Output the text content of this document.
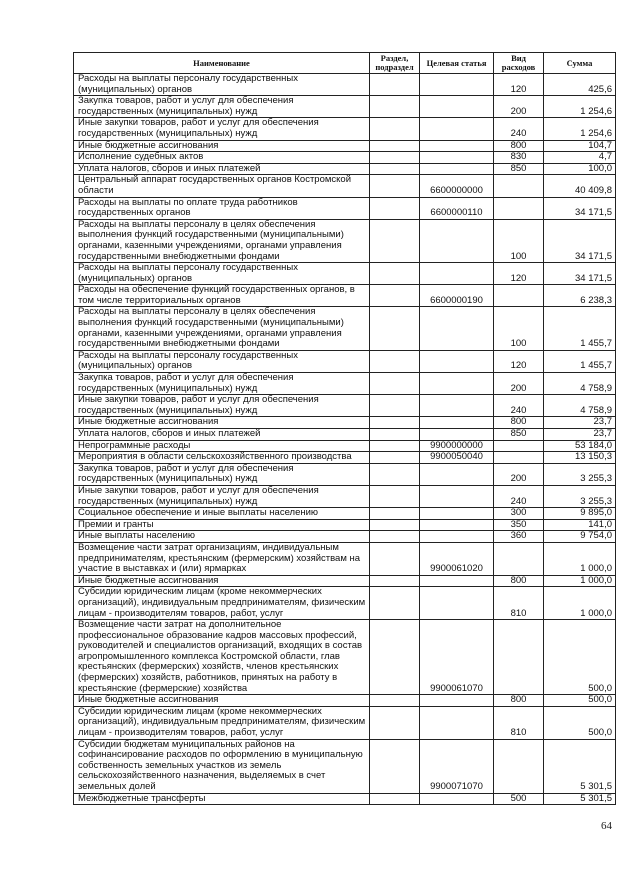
Наименование	Раздел, подраздел	Целевая статья	Вид расходов	Сумма
Расходы на выплаты персоналу государственных (муниципальных) органов			120	425,6
Закупка товаров, работ и услуг для обеспечения государственных (муниципальных) нужд			200	1 254,6
Иные закупки товаров, работ и услуг для обеспечения государственных (муниципальных) нужд			240	1 254,6
Иные бюджетные ассигнования			800	104,7
Исполнение судебных актов			830	4,7
Уплата налогов, сборов и иных платежей			850	100,0
Центральный аппарат государственных органов Костромской области		6600000000		40 409,8
Расходы на выплаты по оплате труда работников государственных органов		6600000110		34 171,5
Расходы на выплаты персоналу в целях обеспечения выполнения функций государственными (муниципальными) органами, казенными учреждениями, органами управления государственными внебюджетными фондами			100	34 171,5
Расходы на выплаты персоналу государственных (муниципальных) органов			120	34 171,5
Расходы на обеспечение функций государственных органов, в том числе территориальных органов		6600000190		6 238,3
Расходы на выплаты персоналу в целях обеспечения выполнения функций государственными (муниципальными) органами, казенными учреждениями, органами управления государственными внебюджетными фондами			100	1 455,7
Расходы на выплаты персоналу государственных (муниципальных) органов			120	1 455,7
Закупка товаров, работ и услуг для обеспечения государственных (муниципальных) нужд			200	4 758,9
Иные закупки товаров, работ и услуг для обеспечения государственных (муниципальных) нужд			240	4 758,9
Иные бюджетные ассигнования			800	23,7
Уплата налогов, сборов и иных платежей			850	23,7
Непрограммные расходы		9900000000		53 184,0
Мероприятия в области сельскохозяйственного производства		9900050040		13 150,3
Закупка товаров, работ и услуг для обеспечения государственных (муниципальных) нужд			200	3 255,3
Иные закупки товаров, работ и услуг для обеспечения государственных (муниципальных) нужд			240	3 255,3
Социальное обеспечение и иные выплаты населению			300	9 895,0
Премии и гранты			350	141,0
Иные выплаты населению			360	9 754,0
Возмещение части затрат организациям, индивидуальным предпринимателям, крестьянским (фермерским) хозяйствам на участие в выставках и (или) ярмарках		9900061020		1 000,0
Иные бюджетные ассигнования			800	1 000,0
Субсидии юридическим лицам (кроме некоммерческих организаций), индивидуальным предпринимателям, физическим лицам - производителям товаров, работ, услуг			810	1 000,0
Возмещение части затрат на дополнительное профессиональное образование кадров массовых профессий, руководителей и специалистов организаций, входящих в состав агропромышленного комплекса Костромской области, глав крестьянских (фермерских) хозяйств, членов крестьянских (фермерских) хозяйств, работников, принятых на работу в крестьянские (фермерские) хозяйства		9900061070		500,0
Иные бюджетные ассигнования			800	500,0
Субсидии юридическим лицам (кроме некоммерческих организаций), индивидуальным предпринимателям, физическим лицам - производителям товаров, работ, услуг			810	500,0
Субсидии бюджетам муниципальных районов на софинансирование расходов по оформлению в муниципальную собственность земельных участков из земель сельскохозяйственного назначения, выделяемых в счет земельных долей		9900071070		5 301,5
Межбюджетные трансферты			500	5 301,5
64
